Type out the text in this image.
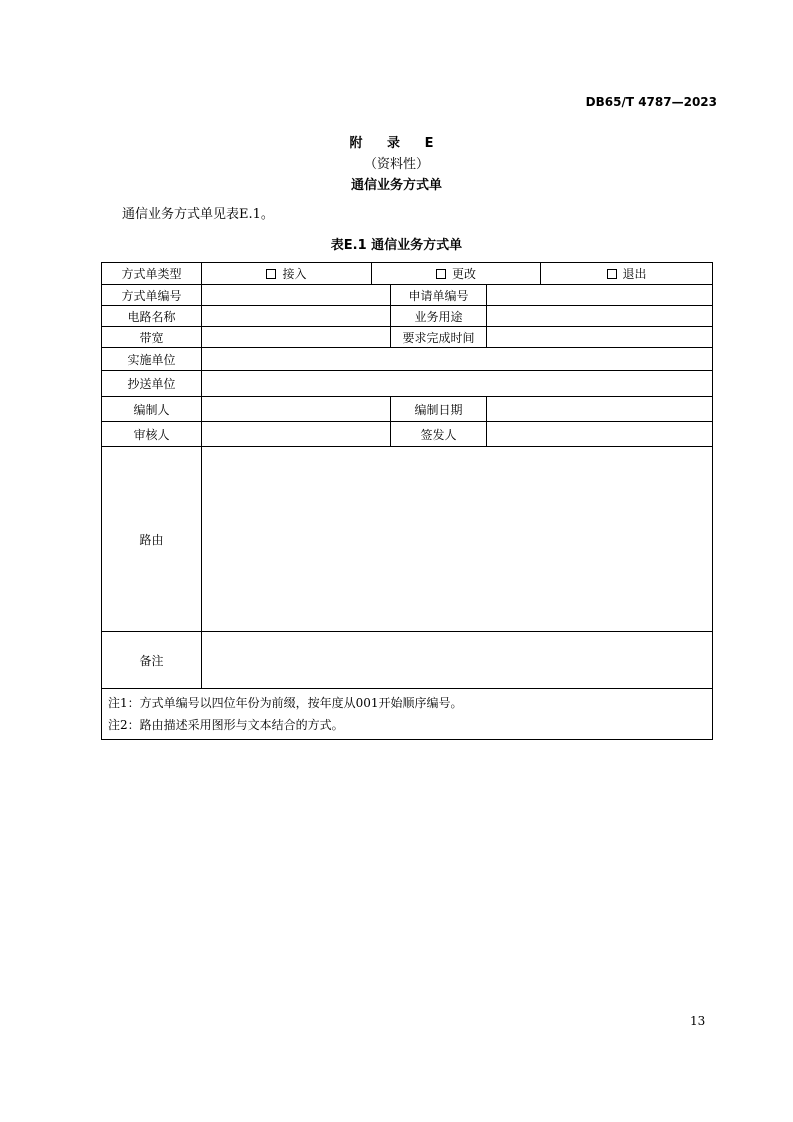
DB65/T 4787—2023
附 录 E
（资料性）
通信业务方式单
通信业务方式单见表E.1。
表E.1 通信业务方式单
方式单类型	接入	更改			退出
方式单编号			申请单编号		
电路名称			业务用途		
带宽			要求完成时间		
实施单位					
抄送单位					
编制人			编制日期		
审核人			签发人		
路由					
备注					

注1：方式单编号以四位年份为前缀，按年度从001开始顺序编号。
注2：路由描述采用图形与文本结合的方式。					
13
